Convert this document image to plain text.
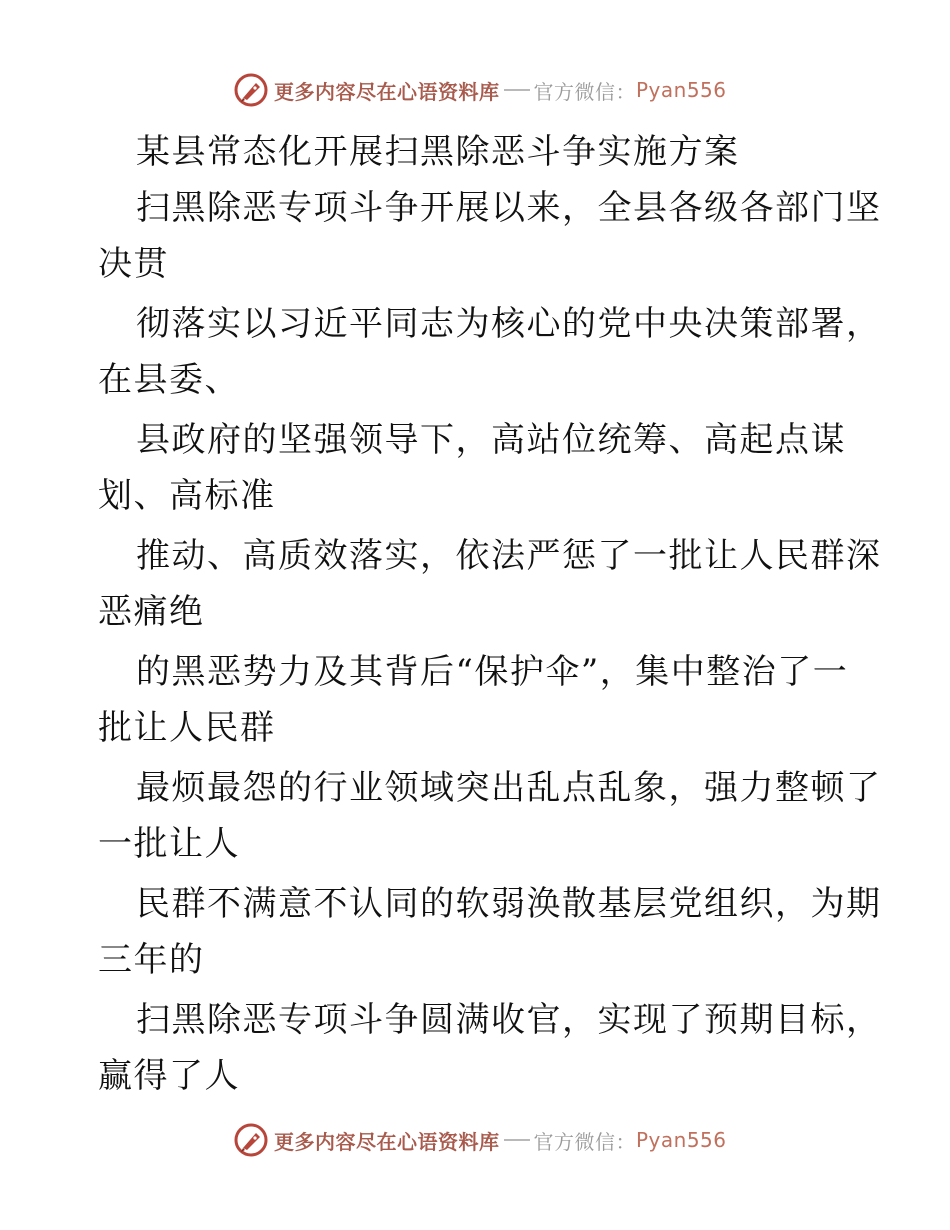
更多内容尽在心语资料库 官方微信： Pyan556
某县常态化开展扫黑除恶斗争实施方案
扫黑除恶专项斗争开展以来，全县各级各部门坚
决贯
彻落实以习近平同志为核心的党中央决策部署，
在县委、
县政府的坚强领导下，高站位统筹、高起点谋
划、高标准
推动、高质效落实，依法严惩了一批让人民群深
恶痛绝
的黑恶势力及其背后“保护伞”，集中整治了一
批让人民群
最烦最怨的行业领域突出乱点乱象，强力整顿了
一批让人
民群不满意不认同的软弱涣散基层党组织，为期
三年的
扫黑除恶专项斗争圆满收官，实现了预期目标，
赢得了人
更多内容尽在心语资料库 官方微信： Pyan556
